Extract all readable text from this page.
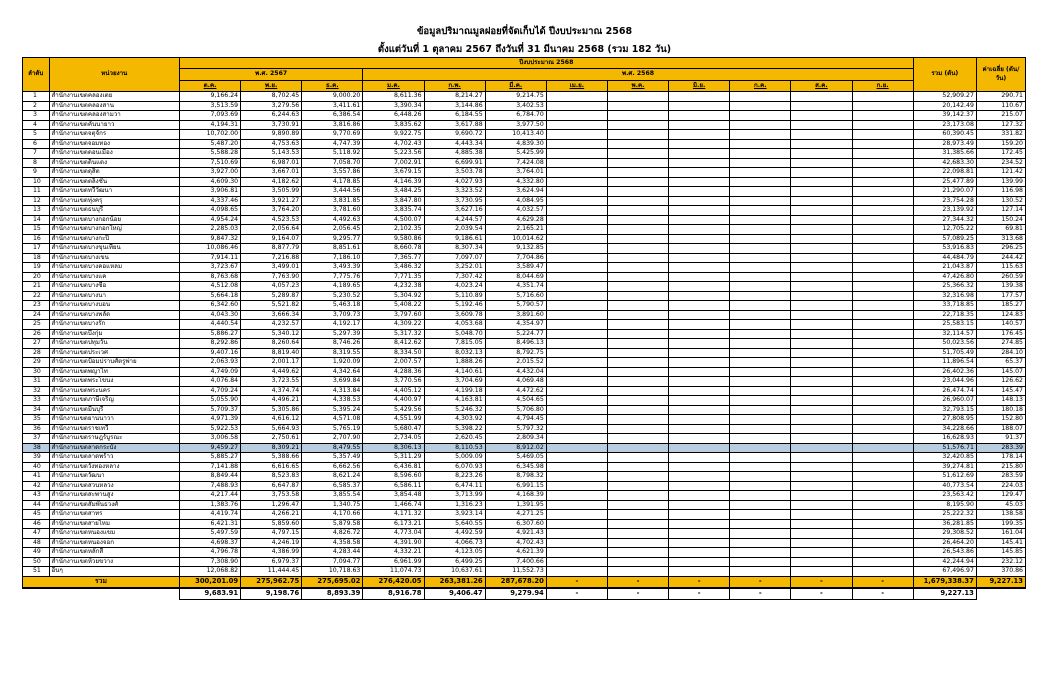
ข้อมูลปริมาณมูลฝอยที่จัดเก็บได้ ปีงบประมาณ 2568
ตั้งแต่วันที่ 1 ตุลาคม 2567 ถึงวันที่ 31 มีนาคม 2568 (รวม 182 วัน)
ลำดับ	หน่วยงาน	ปีงบประมาณ 2568												รวม (ตัน)	ค่าเฉลี่ย (ตัน/วัน)
		พ.ศ. 2567			พ.ศ. 2568										
		ต.ค.	พ.ย.	ธ.ค.	ม.ค.	ก.พ.	มี.ค.	เม.ย.	พ.ค.	มิ.ย.	ก.ค.	ส.ค.	ก.ย.		
1	สำนักงานเขตคลองเตย	9,166.24	8,702.45	9,000.20	8,611.36	8,214.27	9,214.75							52,909.27	290.71
2	สำนักงานเขตคลองสาน	3,513.59	3,279.56	3,411.61	3,390.34	3,144.86	3,402.53							20,142.49	110.67
3	สำนักงานเขตคลองสามวา	7,093.69	6,244.63	6,386.54	6,448.26	6,184.55	6,784.70							39,142.37	215.07
4	สำนักงานเขตคันนายาว	4,194.31	3,730.91	3,816.86	3,835.62	3,617.88	3,977.50							23,173.08	127.32
5	สำนักงานเขตจตุจักร	10,702.00	9,890.89	9,770.69	9,922.75	9,690.72	10,413.40							60,390.45	331.82
6	สำนักงานเขตจอมทอง	5,487.20	4,753.63	4,747.39	4,702.43	4,443.34	4,839.30							28,973.49	159.20
7	สำนักงานเขตดอนเมือง	5,588.28	5,143.53	5,118.92	5,223.56	4,885.38	5,425.99							31,385.66	172.45
8	สำนักงานเขตดินแดง	7,510.69	6,987.01	7,058.70	7,002.91	6,699.91	7,424.08							42,683.30	234.52
9	สำนักงานเขตดุสิต	3,927.00	3,667.01	3,557.86	3,679.15	3,503.78	3,764.01							22,098.81	121.42
10	สำนักงานเขตตลิ่งชัน	4,609.30	4,182.62	4,178.85	4,146.39	4,027.93	4,332.80							25,477.89	139.99
11	สำนักงานเขตทวีวัฒนา	3,906.81	3,505.99	3,444.56	3,484.25	3,323.52	3,624.94							21,290.07	116.98
12	สำนักงานเขตทุ่งครุ	4,337.46	3,921.27	3,831.85	3,847.80	3,730.95	4,084.95							23,754.28	130.52
13	สำนักงานเขตธนบุรี	4,098.65	3,764.20	3,781.60	3,835.74	3,627.16	4,032.57							23,139.92	127.14
14	สำนักงานเขตบางกอกน้อย	4,954.24	4,523.53	4,492.63	4,500.07	4,244.57	4,629.28							27,344.32	150.24
15	สำนักงานเขตบางกอกใหญ่	2,285.03	2,056.64	2,056.45	2,102.35	2,039.54	2,165.21							12,705.22	69.81
16	สำนักงานเขตบางกะปิ	9,847.32	9,164.07	9,295.77	9,580.86	9,186.61	10,014.62							57,089.25	313.68
17	สำนักงานเขตบางขุนเทียน	10,086.46	8,877.79	8,851.61	8,660.78	8,307.34	9,132.85							53,916.83	296.25
18	สำนักงานเขตบางเขน	7,914.11	7,216.88	7,186.10	7,365.77	7,097.07	7,704.86							44,484.79	244.42
19	สำนักงานเขตบางคอแหลม	3,723.67	3,499.01	3,493.39	3,486.32	3,252.01	3,589.47							21,043.87	115.63
20	สำนักงานเขตบางแค	8,763.68	7,763.90	7,775.76	7,771.35	7,307.42	8,044.69							47,426.80	260.59
21	สำนักงานเขตบางซื่อ	4,512.08	4,057.23	4,189.65	4,232.38	4,023.24	4,351.74							25,366.32	139.38
22	สำนักงานเขตบางนา	5,664.18	5,289.87	5,230.52	5,304.92	5,110.89	5,716.60							32,316.98	177.57
23	สำนักงานเขตบางบอน	6,342.60	5,521.82	5,463.18	5,408.22	5,192.46	5,790.57							33,718.85	185.27
24	สำนักงานเขตบางพลัด	4,043.30	3,666.34	3,709.73	3,797.60	3,609.78	3,891.60							22,718.35	124.83
25	สำนักงานเขตบางรัก	4,440.54	4,232.57	4,192.17	4,309.22	4,053.68	4,354.97							25,583.15	140.57
26	สำนักงานเขตบึงกุ่ม	5,886.27	5,340.12	5,297.39	5,317.32	5,048.70	5,224.77							32,114.57	176.45
27	สำนักงานเขตปทุมวัน	8,292.86	8,260.64	8,746.26	8,412.62	7,815.05	8,496.13							50,023.56	274.85
28	สำนักงานเขตประเวศ	9,407.16	8,819.40	8,319.55	8,334.50	8,032.13	8,792.75							51,705.49	284.10
29	สำนักงานเขตป้อมปราบศัตรูพ่าย	2,063.93	2,001.17	1,920.09	2,007.57	1,888.26	2,015.52							11,896.54	65.37
30	สำนักงานเขตพญาไท	4,749.09	4,449.62	4,342.64	4,288.36	4,140.61	4,432.04							26,402.36	145.07
31	สำนักงานเขตพระโขนง	4,076.84	3,723.55	3,699.84	3,770.56	3,704.69	4,069.48							23,044.96	126.62
32	สำนักงานเขตพระนคร	4,709.24	4,374.74	4,313.84	4,405.12	4,199.18	4,472.62							26,474.74	145.47
33	สำนักงานเขตภาษีเจริญ	5,055.90	4,496.21	4,338.53	4,400.97	4,163.81	4,504.65							26,960.07	148.13
34	สำนักงานเขตมีนบุรี	5,709.37	5,305.86	5,395.24	5,429.56	5,246.32	5,706.80							32,793.15	180.18
35	สำนักงานเขตยานนาวา	4,971.39	4,616.12	4,571.08	4,551.99	4,303.92	4,794.45							27,808.95	152.80
36	สำนักงานเขตราชเทวี	5,922.53	5,664.93	5,765.19	5,680.47	5,398.22	5,797.32							34,228.66	188.07
37	สำนักงานเขตราษฎร์บูรณะ	3,006.58	2,750.61	2,707.90	2,734.05	2,620.45	2,809.34							16,628.93	91.37
38	สำนักงานเขตลาดกระบัง	9,459.27	8,309.21	8,479.55	8,306.13	8,110.53	8,912.02							51,576.71	283.39
39	สำนักงานเขตลาดพร้าว	5,885.27	5,388.66	5,357.49	5,311.29	5,009.09	5,469.05							32,420.85	178.14
40	สำนักงานเขตวังทองหลาง	7,141.88	6,616.65	6,662.56	6,436.81	6,070.93	6,345.98							39,274.81	215.80
41	สำนักงานเขตวัฒนา	8,849.44	8,523.83	8,621.24	8,596.60	8,223.26	8,798.32							51,612.69	283.59
42	สำนักงานเขตสวนหลวง	7,488.93	6,647.87	6,585.37	6,586.11	6,474.11	6,991.15							40,773.54	224.03
43	สำนักงานเขตสะพานสูง	4,217.44	3,753.58	3,855.54	3,854.48	3,713.99	4,168.39							23,563.42	129.47
44	สำนักงานเขตสัมพันธวงศ์	1,383.76	1,296.47	1,340.75	1,466.74	1,316.23	1,391.95							8,195.90	45.03
45	สำนักงานเขตสาทร	4,419.74	4,266.21	4,170.66	4,171.32	3,923.14	4,271.25							25,222.32	138.58
46	สำนักงานเขตสายไหม	6,421.31	5,859.60	5,879.58	6,173.21	5,640.55	6,307.60							36,281.85	199.35
47	สำนักงานเขตหนองแขม	5,497.59	4,797.15	4,826.72	4,773.04	4,492.59	4,921.43							29,308.52	161.04
48	สำนักงานเขตหนองจอก	4,698.37	4,246.19	4,358.58	4,391.90	4,066.73	4,702.43							26,464.20	145.41
49	สำนักงานเขตหลักสี่	4,796.78	4,386.99	4,283.44	4,332.21	4,123.05	4,621.39							26,543.86	145.85
50	สำนักงานเขตห้วยขวาง	7,308.90	6,979.37	7,094.77	6,961.99	6,499.25	7,400.66							42,244.94	232.12
51	อื่นๆ	12,068.82	11,444.45	10,718.63	11,074.73	10,637.61	11,552.73							67,496.97	370.86
รวม		300,201.09	275,962.75	275,695.02	276,420.05	263,381.26	287,678.20	-	-	-	-	-	-	1,679,338.37	9,227.13
		9,683.91	9,198.76	8,893.39	8,916.78	9,406.47	9,279.94	-	-	-	-	-	-	9,227.13	
